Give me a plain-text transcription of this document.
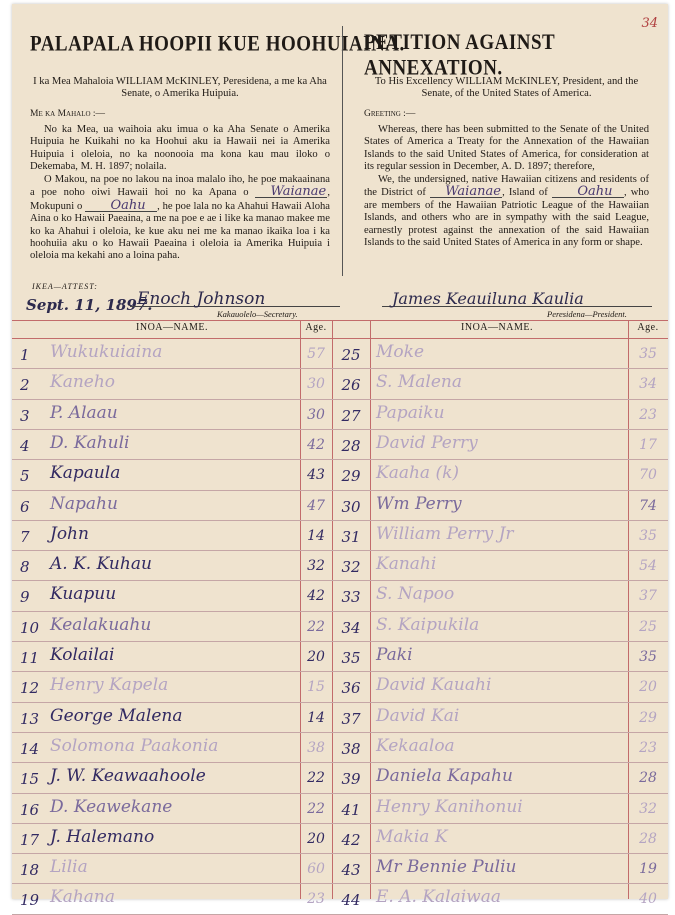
34
PALAPALA HOOPII KUE HOOHUIAINA.
PETITION AGAINST ANNEXATION.
I ka Mea Mahaloia WILLIAM McKINLEY, Peresidena, a me ka Aha Senate, o Amerika Huipuia.
Me ka Mahalo :—
No ka Mea, ua waihoia aku imua o ka Aha Senate o Amerika Huipuia he Kuikahi no ka Hoohui aku ia Hawaii nei ia Amerika Huipuia i oleloia, no ka noonooia ma kona kau mau iloko o Dekemaba, M. H. 1897; nolaila.
O Makou, na poe no lakou na inoa malalo iho, he poe makaainana a poe noho oiwi Hawaii hoi no ka Apana o Waianae, Mokupuni o Oahu , he poe lala no ka Ahahui Hawaii Aloha Aina o ko Hawaii Paeaina, a me na poe e ae i like ka manao makee me ko ka Ahahui i oleloia, ke kue aku nei me ka manao ikaika loa i ka hoohuiia aku o ko Hawaii Paeaina i oleloia ia Amerika Huipuia i oleloia ma kekahi ano a loina paha.
To His Excellency WILLIAM McKINLEY, President, and the Senate, of the United States of America.
Greeting :—
Whereas, there has been submitted to the Senate of the United States of America a Treaty for the Annexation of the Hawaiian Islands to the said United States of America, for consideration at its regular session in December, A. D. 1897; therefore,
We, the undersigned, native Hawaiian citizens and residents of the District of Waianae, Island of Oahu , who are members of the Hawaiian Patriotic League of the Hawaiian Islands, and others who are in sympathy with the said League, earnestly protest against the annexation of the said Hawaiian Islands to the said United States of America in any form or shape.
IKEA—ATTEST:
Sept. 11, 1897.
Enoch Johnson
Kakauolelo—Secretary.
James Keauiluna Kaulia
Peresidena—President.
INOA—NAME.	Age.	INOA—NAME.	Age.
1	Wukukuiaina	57
2	Kaneho	30
3	P. Alaau	30
4	D. Kahuli	42
5	Kapaula	43
6	Napahu	47
7	John	14
8	A. K. Kuhau	32
9	Kuapuu	42
10 Kealakuahu	22
11 Kolailai	20
12 Henry Kapela	15
13 George Malena	14
14 Solomona Paakonia	38
15 J. W. Keawaahoole	22
16 D. Keawekane	22
17 J. Halemano	20
18 Lilia	60
19 Kahana	23
25 Moke	35
26 S. Malena	34
27 Papaiku	23
28 David Perry	17
29 Kaaha (k)	70
30 Wm Perry	74
31 William Perry Jr	35
32 Kanahi	54
33 S. Napoo	37
34 S. Kaipukila	25
35 Paki	35
36 David Kauahi	20
37 David Kai	29
38 Kekaaloa	23
39 Daniela Kapahu	28
41 Henry Kanihonui	32
42 Makia K	28
43 Mr Bennie Puliu	19
44 E. A. Kalaiwaa	40
